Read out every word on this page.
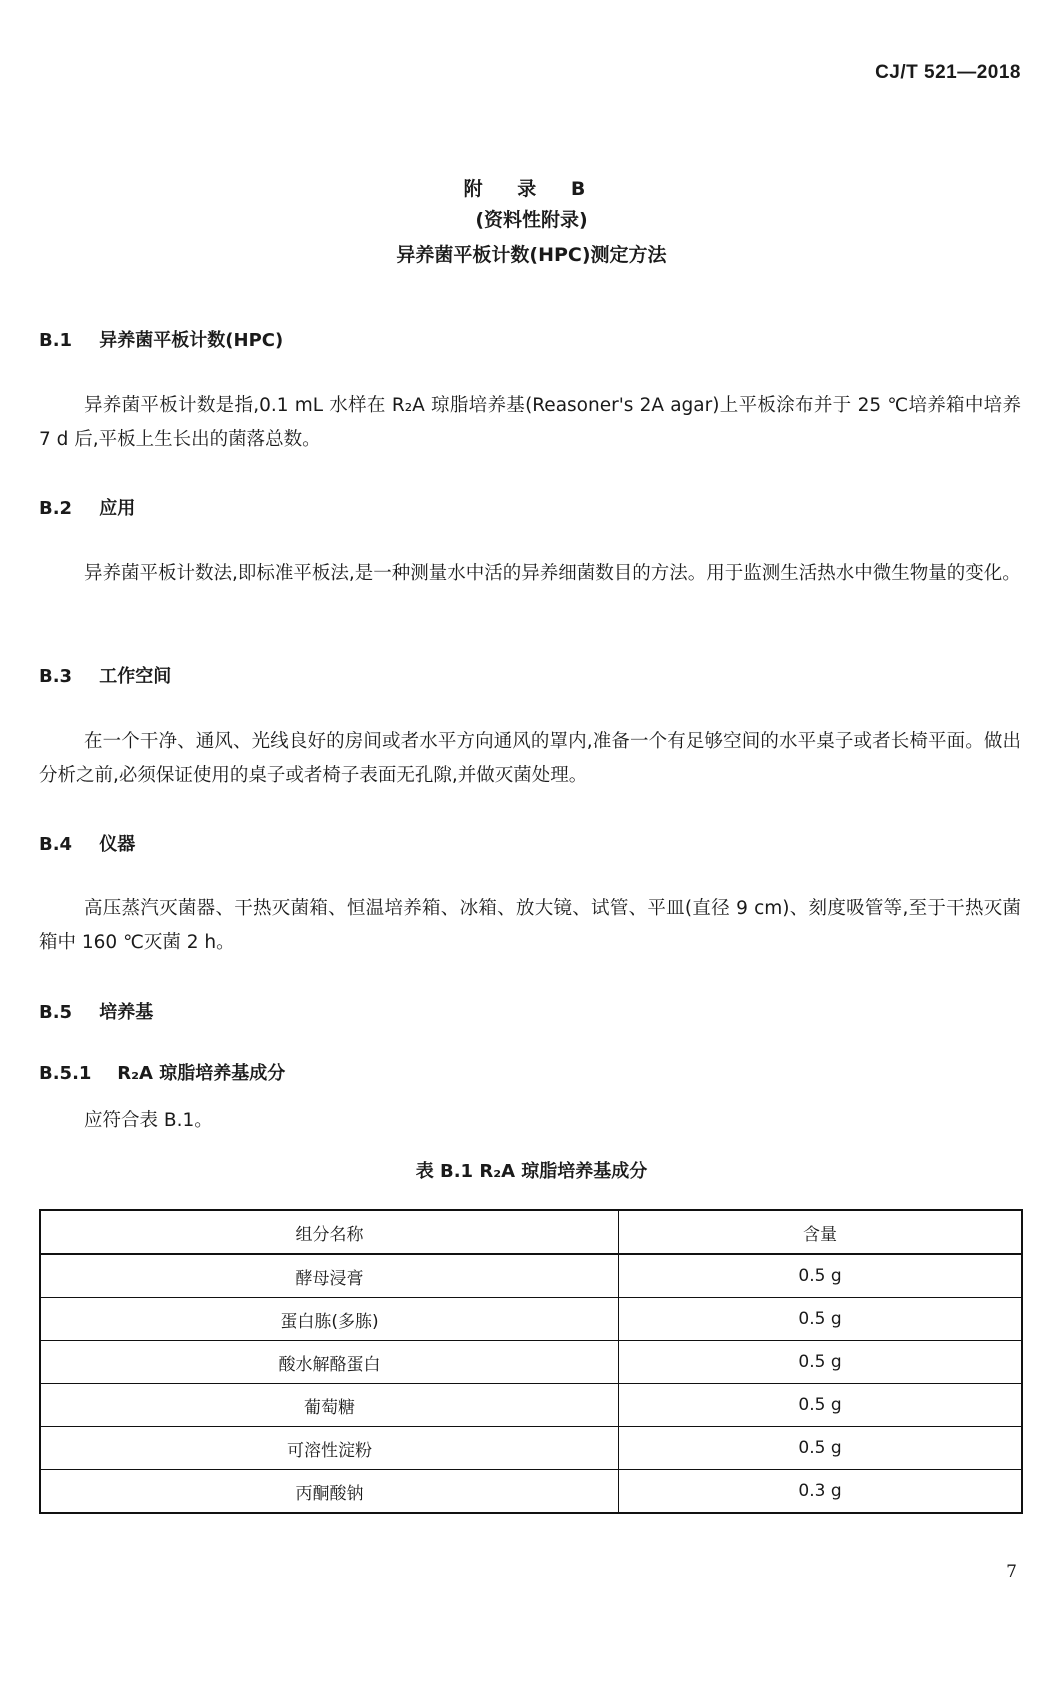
CJ/T 521—2018
附 录 B
(资料性附录)
异养菌平板计数(HPC)测定方法
B.1 异养菌平板计数(HPC)
异养菌平板计数是指,0.1 mL 水样在 R₂A 琼脂培养基(Reasoner's 2A agar)上平板涂布并于 25 ℃培养箱中培养 7 d 后,平板上生长出的菌落总数。
B.2 应用
异养菌平板计数法,即标准平板法,是一种测量水中活的异养细菌数目的方法。用于监测生活热水中微生物量的变化。
B.3 工作空间
在一个干净、通风、光线良好的房间或者水平方向通风的罩内,准备一个有足够空间的水平桌子或者长椅平面。做出分析之前,必须保证使用的桌子或者椅子表面无孔隙,并做灭菌处理。
B.4 仪器
高压蒸汽灭菌器、干热灭菌箱、恒温培养箱、冰箱、放大镜、试管、平皿(直径 9 cm)、刻度吸管等,至于干热灭菌箱中 160 ℃灭菌 2 h。
B.5 培养基
B.5.1 R₂A 琼脂培养基成分
应符合表 B.1。
表 B.1 R₂A 琼脂培养基成分
组分名称	含量
酵母浸膏	0.5 g
蛋白胨(多胨)	0.5 g
酸水解酪蛋白	0.5 g
葡萄糖	0.5 g
可溶性淀粉	0.5 g
丙酮酸钠	0.3 g
7
